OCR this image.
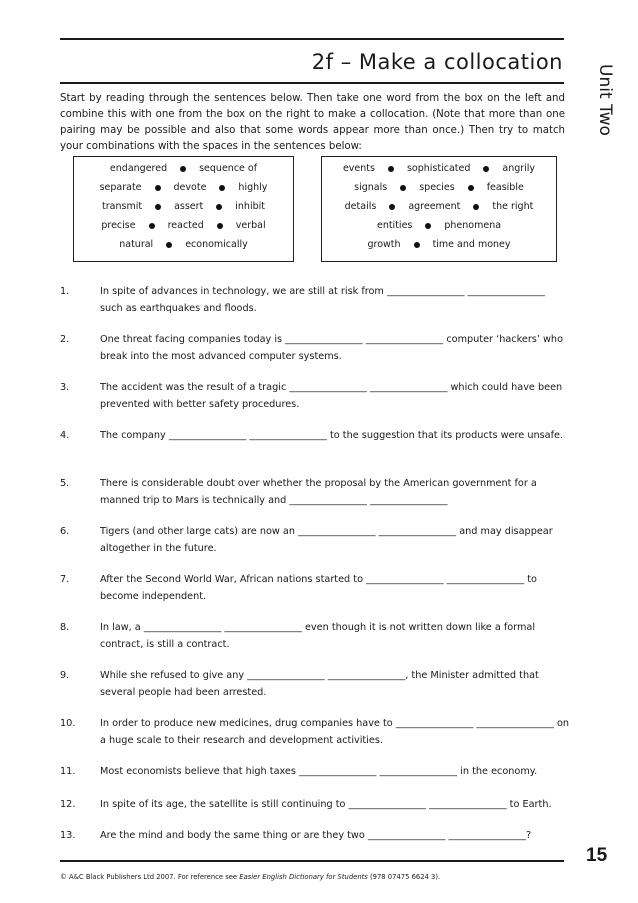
2f – Make a collocation
Unit Two

Start by reading through the sentences below. Then take one word from the box on the left and combine this with one from the box on the right to make a collocation. (Note that more than one pairing may be possible and also that some words appear more than once.) Then try to match your combinations with the spaces in the sentences below:

endangered	sequence of
separate	devote	highly
transmit	assert	inhibit
precise	reacted	verbal
natural	economically
events	sophisticated	angrily
signals	species	feasible
details	agreement	the right
entities	phenomena
growth	time and money
1.	In spite of advances in technology, we are still at risk from ________________ ________________ such as earthquakes and floods.
2.	One threat facing companies today is ________________ ________________ computer ‘hackers’ who break into the most advanced computer systems.
3.	The accident was the result of a tragic ________________ ________________ which could have been prevented with better safety procedures.
4.	The company ________________ ________________ to the suggestion that its products were unsafe.
5.	There is considerable doubt over whether the proposal by the American government for a manned trip to Mars is technically and ________________ ________________
6.	Tigers (and other large cats) are now an ________________ ________________ and may disappear altogether in the future.
7.	After the Second World War, African nations started to ________________ ________________ to become independent.
8.	In law, a ________________ ________________ even though it is not written down like a formal contract, is still a contract.
9.	While she refused to give any ________________ ________________, the Minister admitted that several people had been arrested.
10.	In order to produce new medicines, drug companies have to ________________ ________________ on a huge scale to their research and development activities.
11.	Most economists believe that high taxes ________________ ________________ in the economy.
12.	In spite of its age, the satellite is still continuing to ________________ ________________ to Earth.
13.	Are the mind and body the same thing or are they two ________________ ________________?
15
© A&C Black Publishers Ltd 2007. For reference see Easier English Dictionary for Students (978 07475 6624 3).
